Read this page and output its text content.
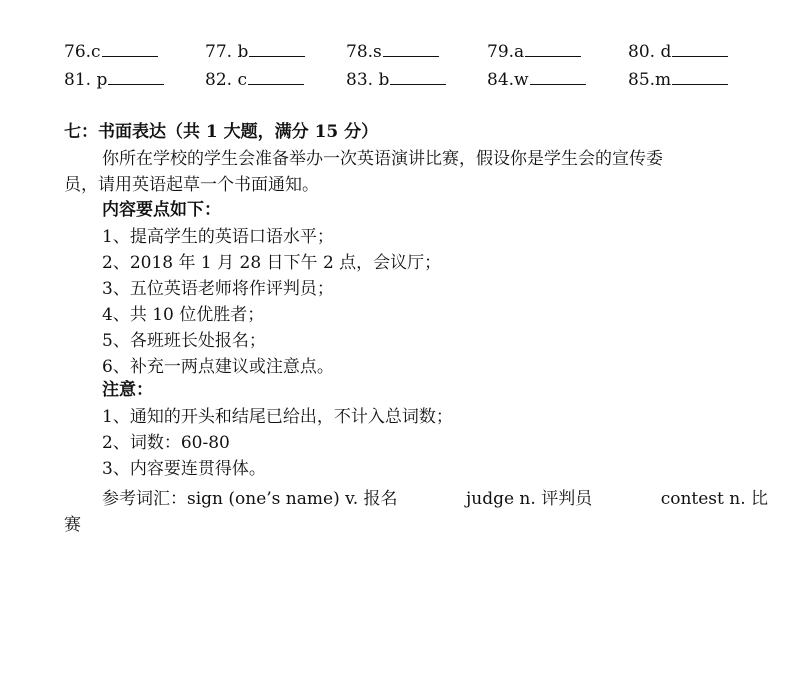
76.c	77. b	78.s	79.a	80. d
81. p	82. c	83. b	84.w	85.m
七：书面表达（共 1 大题，满分 15 分）
你所在学校的学生会准备举办一次英语演讲比赛，假设你是学生会的宣传委
员，请用英语起草一个书面通知。
内容要点如下：
1、提高学生的英语口语水平；
2、2018 年 1 月 28 日下午 2 点，会议厅；
3、五位英语老师将作评判员；
4、共 10 位优胜者；
5、各班班长处报名；
6、补充一两点建议或注意点。
注意：
1、通知的开头和结尾已给出，不计入总词数；
2、词数：60-80
3、内容要连贯得体。
参考词汇：sign (one’s name) v. 报名	judge n. 评判员	contest n. 比
赛
